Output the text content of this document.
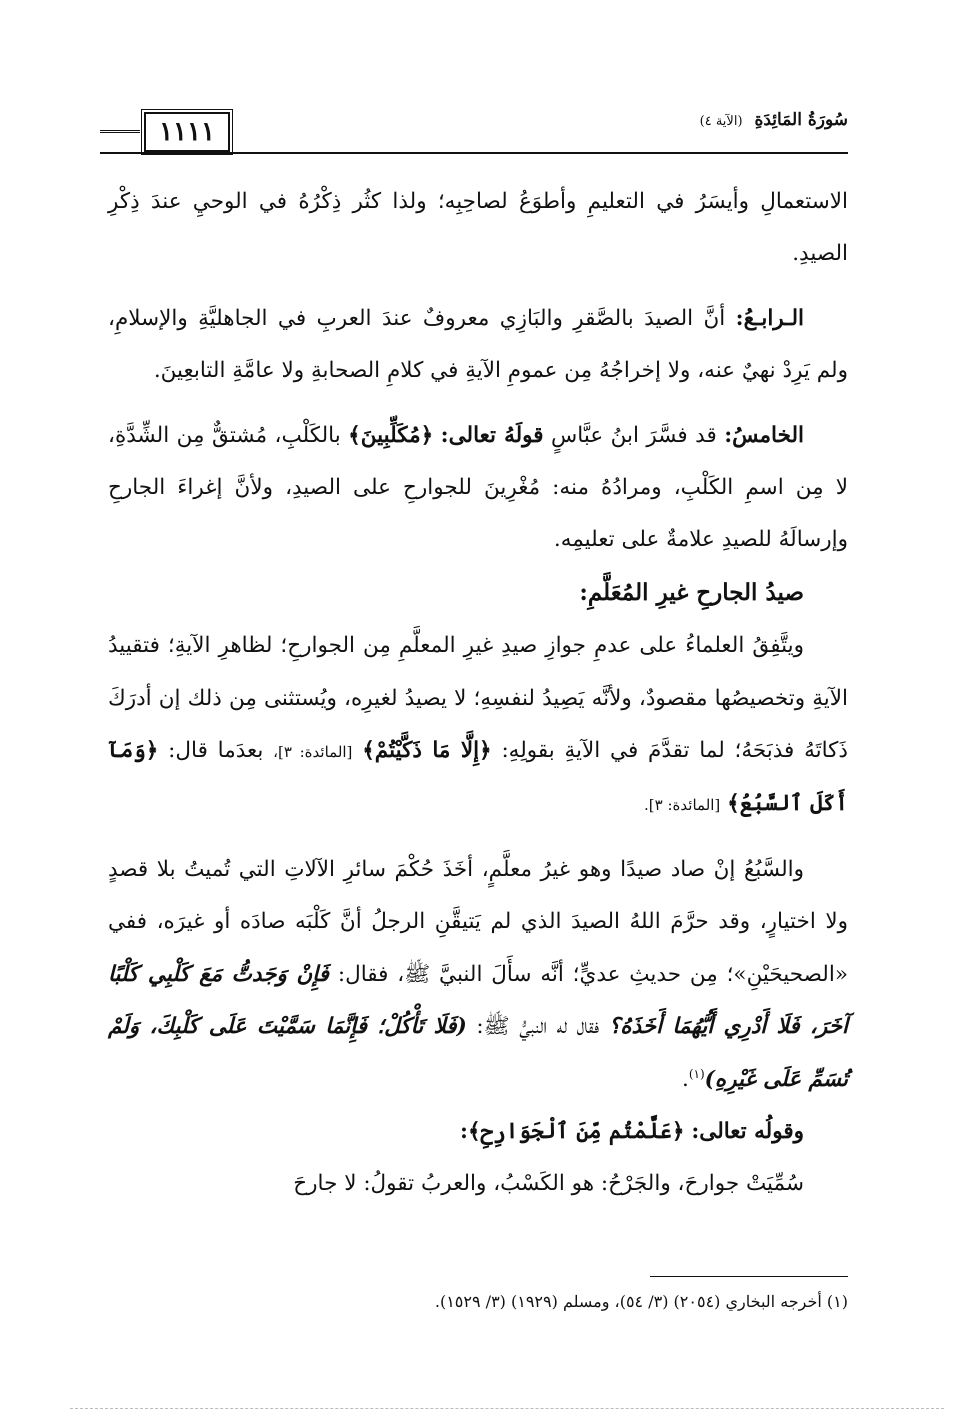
١١١١	سُورَةُ المَائِدَةِ (الآية ٤)

الاستعمالِ وأيسَرُ في التعليمِ وأطوَعُ لصاحِبِه؛ ولذا كثُر ذِكْرُهُ في الوحيِ عندَ ذِكْرِ الصيدِ.

الـرابـعُ: أنَّ الصيدَ بالصَّقرِ والبَازِي معروفٌ عندَ العربِ في الجاهليَّةِ والإسلامِ، ولم يَرِدْ نهيٌ عنه، ولا إخراجُهُ مِن عمومِ الآيةِ في كلامِ الصحابةِ ولا عامَّةِ التابعِينَ.

الخامسُ: قد فسَّرَ ابنُ عبَّاسٍ قولَهُ تعالى: ﴿مُكَلِّبِينَ﴾ بالكَلْبِ، مُشتقٌّ مِن الشِّدَّةِ، لا مِن اسمِ الكَلْبِ، ومرادُهُ منه: مُغْرِينَ للجوارحِ على الصيدِ، ولأنَّ إغراءَ الجارحِ وإرسالَهُ للصيدِ علامةٌ على تعليمِه.

صيدُ الجارحِ غيرِ المُعَلَّمِ:

ويتَّفِقُ العلماءُ على عدمِ جوازِ صيدِ غيرِ المعلَّمِ مِن الجوارحِ؛ لظاهرِ الآيةِ؛ فتقييدُ الآيةِ وتخصيصُها مقصودٌ، ولأنَّه يَصِيدُ لنفسِهِ؛ لا يصيدُ لغيرِه، ويُستثنى مِن ذلك إن أدرَكَ ذَكاتَهُ فذبَحَهُ؛ لما تقدَّمَ في الآيةِ بقولِهِ: ﴿إِلَّا مَا ذَكَّيْتُمْ﴾ [المائدة: ٣]، بعدَما قال: ﴿وَمَآ أَكَلَ ٱلسَّبُعُ﴾ [المائدة: ٣].

والسَّبُعُ إنْ صاد صيدًا وهو غيرُ معلَّمٍ، أخَذَ حُكْمَ سائرِ الآلاتِ التي تُميتُ بلا قصدٍ ولا اختيارٍ، وقد حرَّمَ اللهُ الصيدَ الذي لم يَتيقَّنِ الرجلُ أنَّ كَلْبَه صادَه أو غيرَه، ففي «الصحيحَيْنِ»؛ مِن حديثِ عديٍّ؛ أنَّه سأَلَ النبيَّ ﷺ، فقال: فَإِنْ وَجَدتُّ مَعَ كَلْبِي كَلْبًا آخَرَ، فَلَا أَدْرِي أَيُّهُمَا أَخَذَهُ؟ فقال له النبيُّ ﷺ: (فَلَا تَأْكُلْ؛ فَإِنَّمَا سَمَّيْتَ عَلَى كَلْبِكَ، وَلَمْ تُسَمِّ عَلَى غَيْرِهِ)$^{(١)}$.

وقولُه تعالى: ﴿عَلَّمْتُم مِّنَ ٱلْجَوَارِحِ﴾:

سُمِّيَتْ جوارحَ، والجَرْحُ: هو الكَسْبُ، والعربُ تقولُ: لا جارحَ

(١) أخرجه البخاري (٢٠٥٤) (٣/ ٥٤)، ومسلم (١٩٢٩) (٣/ ١٥٢٩).
